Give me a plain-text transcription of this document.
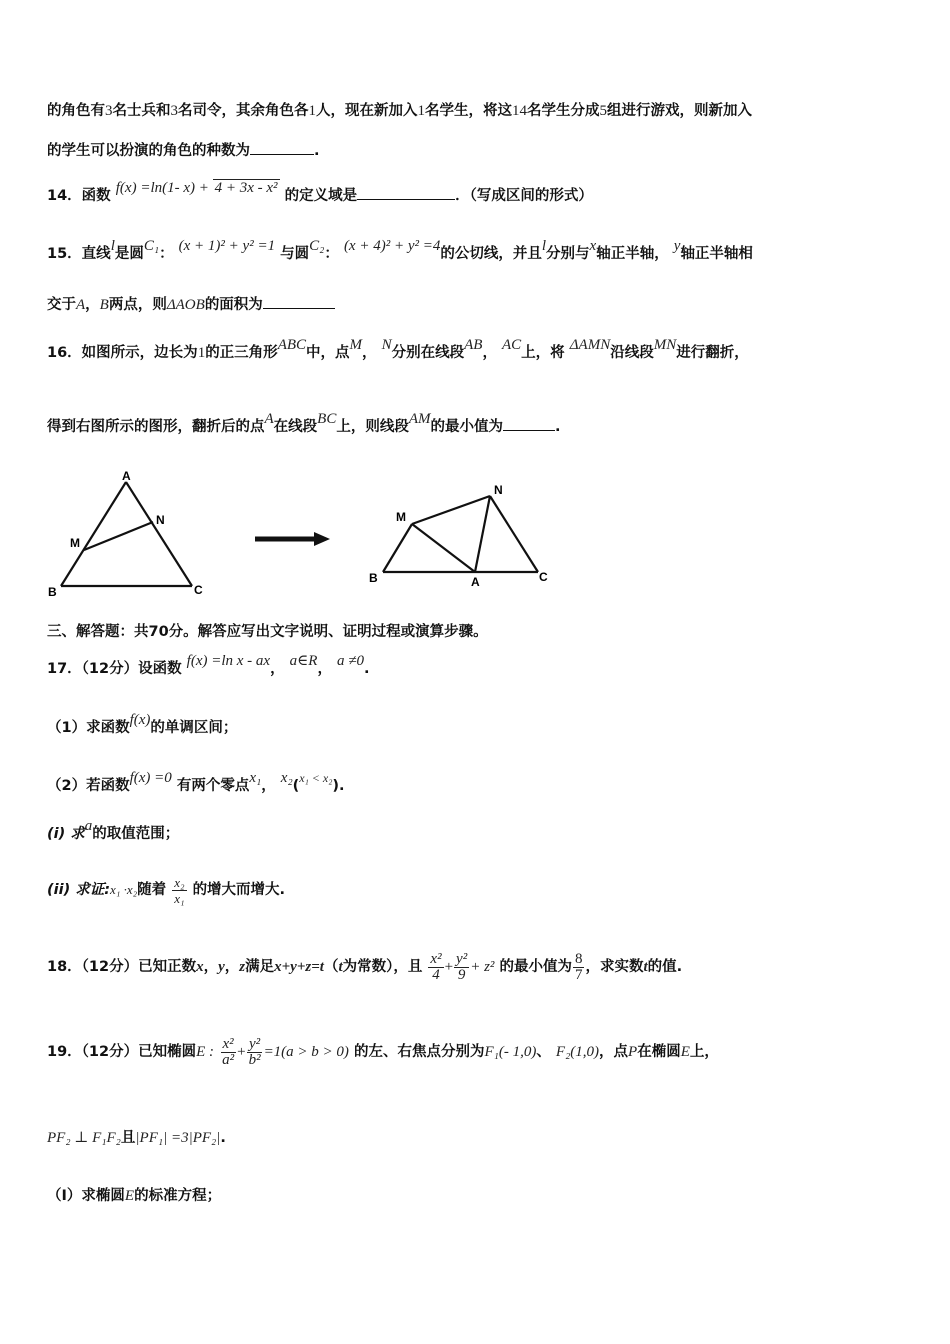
的角色有3名士兵和3名司令，其余角色各1人，现在新加入1名学生，将这14名学生分成5组进行游戏，则新加入
的学生可以扮演的角色的种数为	.
14．函数 f(x) =ln(1- x) + 4 + 3x - x² 的定义域是	．（写成区间的形式）
15．直线l是圆C₁： (x + 1)² + y² =1 与圆C₂： (x + 4)² + y² =4的公切线，并且l分别与x轴正半轴， y轴正半轴相
交于A，B两点，则ΔAOB的面积为
16．如图所示，边长为1的正三角形ABC中，点M， N分别在线段AB， AC上，将 ΔAMN沿线段MN进行翻折，
得到右图所示的图形，翻折后的点A在线段BC上，则线段AM的最小值为	.
A
B	C
M
N
B	A	C
M
N
三、解答题：共70分。解答应写出文字说明、证明过程或演算步骤。
17．（12分）设函数 f(x) =ln x - ax， a∈R， a ≠0.
（1）求函数f(x)的单调区间；
（2）若函数f(x) =0 有两个零点x₁， x₂($^{x_1 < x_2}$).
(i) 求a的取值范围；
(ii) 求证:x₁ ·x₂随着 $\frac{\text{x₂}}{\text{x₁}}$ 的增大而增大.
18．（12分）已知正数x，y，z满足x+y+z=t（t为常数），且 $\frac{\text{x²}}{4} + \frac{\text{y²}}{9} + z^2$ 的最小值为 $\frac{8}{7}$ ，求实数t的值.
19．（12分）已知椭圆E : $\frac{\text{x²}}{\text{a²}} + \frac{\text{y²}}{\text{b²}} =1(a > b > 0)$ 的左、右焦点分别为F₁(- 1,0)、 F₂(1,0)，点P在椭圆E上，
PF₂ ⊥ F₁F₂且|PF₁| =3|PF₂|.
（Ⅰ）求椭圆E的标准方程；
